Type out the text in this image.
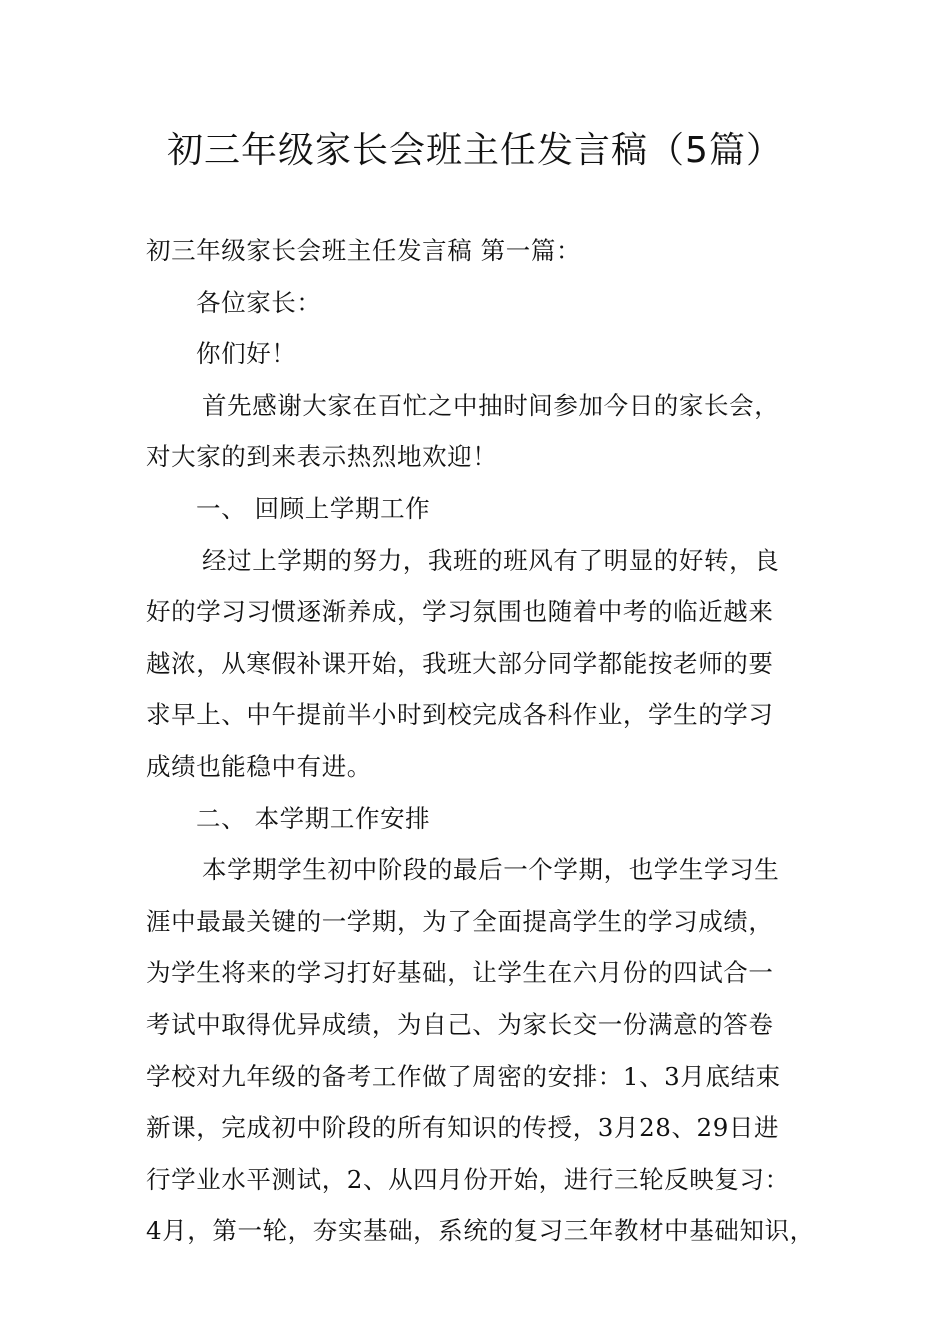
初三年级家长会班主任发言稿（5篇）
初三年级家长会班主任发言稿 第一篇：
各位家长：
你们好！
首先感谢大家在百忙之中抽时间参加今日的家长会，
对大家的到来表示热烈地欢迎！
一、 回顾上学期工作
经过上学期的努力，我班的班风有了明显的好转，良
好的学习习惯逐渐养成，学习氛围也随着中考的临近越来
越浓，从寒假补课开始，我班大部分同学都能按老师的要
求早上、中午提前半小时到校完成各科作业，学生的学习
成绩也能稳中有进。
二、 本学期工作安排
本学期学生初中阶段的最后一个学期，也学生学习生
涯中最最关键的一学期，为了全面提高学生的学习成绩，
为学生将来的学习打好基础，让学生在六月份的四试合一
考试中取得优异成绩，为自己、为家长交一份满意的答卷
学校对九年级的备考工作做了周密的安排：1、3月底结束
新课，完成初中阶段的所有知识的传授，3月28、29日进
行学业水平测试，2、从四月份开始，进行三轮反映复习：
4月，第一轮，夯实基础，系统的复习三年教材中基础知识，
